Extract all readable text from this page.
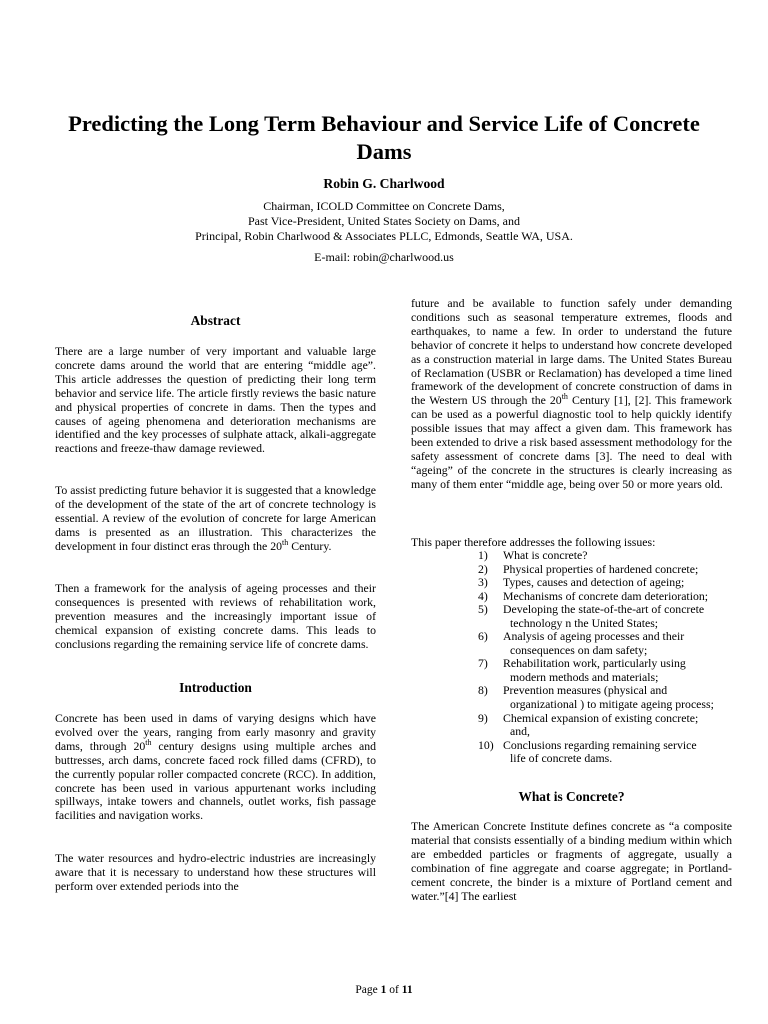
Predicting the Long Term Behaviour and Service Life of Concrete Dams
Robin G. Charlwood
Chairman, ICOLD Committee on Concrete Dams,
Past Vice-President, United States Society on Dams, and
Principal, Robin Charlwood & Associates PLLC, Edmonds, Seattle WA, USA.
E-mail: robin@charlwood.us
Abstract

There are a large number of very important and valuable large concrete dams around the world that are entering “middle age”. This article addresses the question of predicting their long term behavior and service life. The article firstly reviews the basic nature and physical properties of concrete in dams. Then the types and causes of ageing phenomena and deterioration mechanisms are identified and the key processes of sulphate attack, alkali-aggregate reactions and freeze-thaw damage reviewed.

To assist predicting future behavior it is suggested that a knowledge of the development of the state of the art of concrete technology is essential. A review of the evolution of concrete for large American dams is presented as an illustration. This characterizes the development in four distinct eras through the 20th Century.

Then a framework for the analysis of ageing processes and their consequences is presented with reviews of rehabilitation work, prevention measures and the increasingly important issue of chemical expansion of existing concrete dams. This leads to conclusions regarding the remaining service life of concrete dams.

Introduction

Concrete has been used in dams of varying designs which have evolved over the years, ranging from early masonry and gravity dams, through 20th century designs using multiple arches and buttresses, arch dams, concrete faced rock filled dams (CFRD), to the currently popular roller compacted concrete (RCC). In addition, concrete has been used in various appurtenant works including spillways, intake towers and channels, outlet works, fish passage facilities and navigation works.

The water resources and hydro-electric industries are increasingly aware that it is necessary to understand how these structures will perform over extended periods into the

future and be available to function safely under demanding conditions such as seasonal temperature extremes, floods and earthquakes, to name a few. In order to understand the future behavior of concrete it helps to understand how concrete developed as a construction material in large dams. The United States Bureau of Reclamation (USBR or Reclamation) has developed a time lined framework of the development of concrete construction of dams in the Western US through the 20th Century [1], [2]. This framework can be used as a powerful diagnostic tool to help quickly identify possible issues that may affect a given dam. This framework has been extended to drive a risk based assessment methodology for the safety assessment of concrete dams [3]. The need to deal with “ageing” of the concrete in the structures is clearly increasing as many of them enter “middle age, being over 50 or more years old.

This paper therefore addresses the following issues:
1)	What is concrete?
2)	Physical properties of hardened concrete;
3)	Types, causes and detection of ageing;
4)	Mechanisms of concrete dam deterioration;
5)	Developing the state-of-the-art of concrete
technology n the United States;
6)	Analysis of ageing processes and their
consequences on dam safety;
7)	Rehabilitation work, particularly using
modern methods and materials;
8)	Prevention measures (physical and
organizational ) to mitigate ageing process;
9)	Chemical expansion of existing concrete;
and,
10) Conclusions regarding remaining service
life of concrete dams.
What is Concrete?

The American Concrete Institute defines concrete as “a composite material that consists essentially of a binding medium within which are embedded particles or fragments of aggregate, usually a combination of fine aggregate and coarse aggregate; in Portland-cement concrete, the binder is a mixture of Portland cement and water.”[4] The earliest

Page 1 of 11
